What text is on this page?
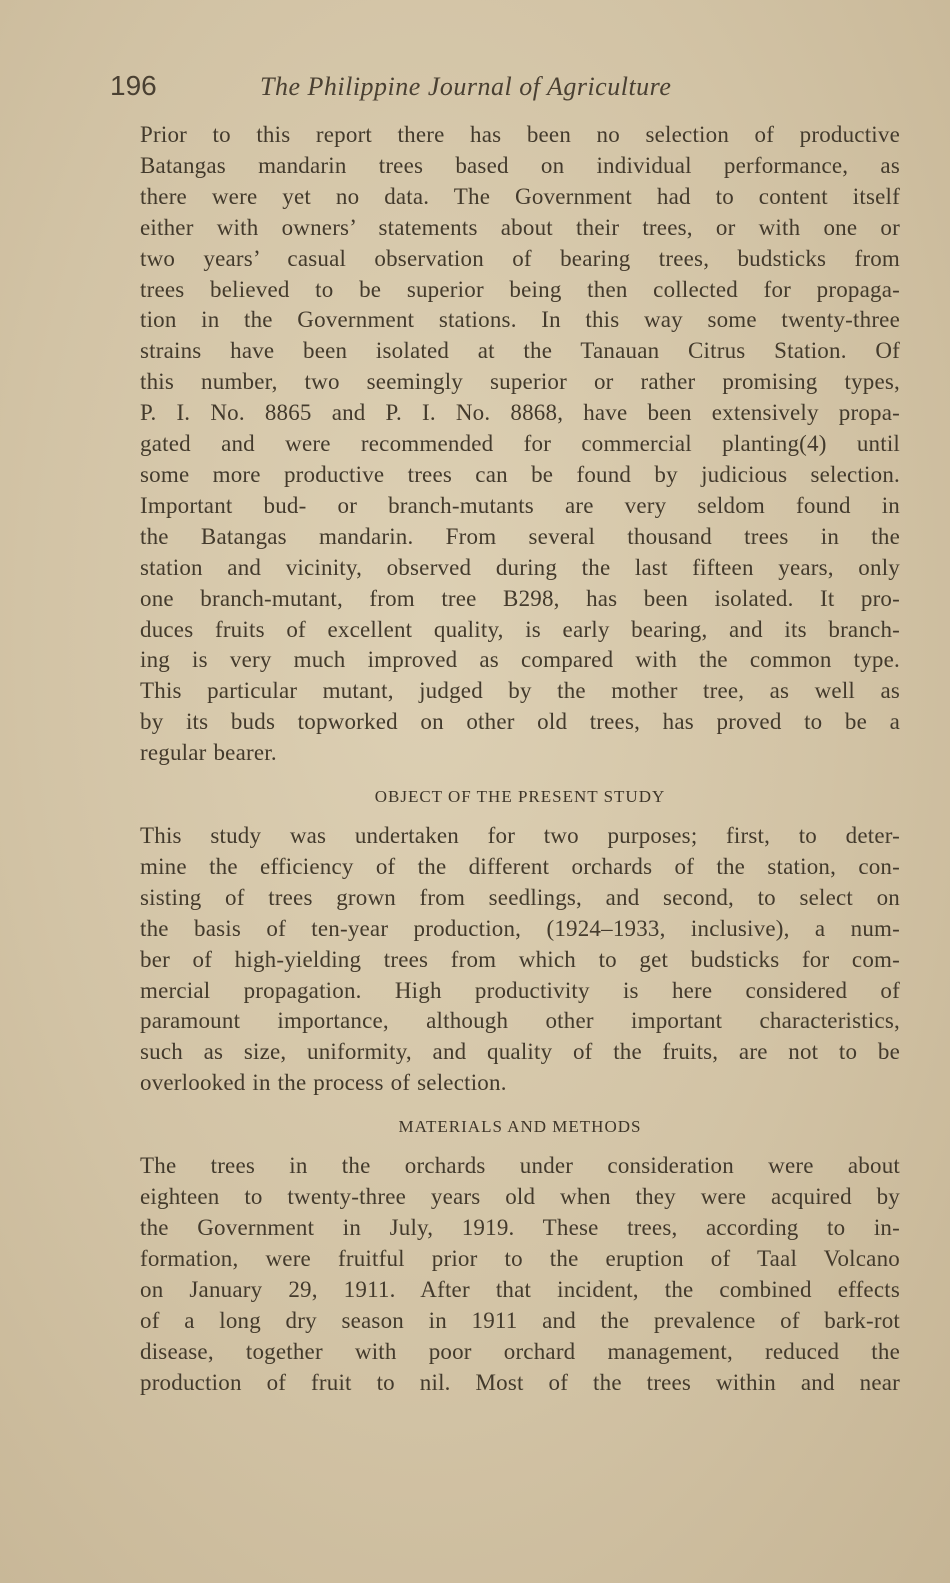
196	The Philippine Journal of Agriculture

Prior to this report there has been no selection of productive
Batangas mandarin trees based on individual performance, as
there were yet no data. The Government had to content itself
either with owners’ statements about their trees, or with one or
two years’ casual observation of bearing trees, budsticks from
trees believed to be superior being then collected for propaga-
tion in the Government stations. In this way some twenty-three
strains have been isolated at the Tanauan Citrus Station. Of
this number, two seemingly superior or rather promising types,
P. I. No. 8865 and P. I. No. 8868, have been extensively propa-
gated and were recommended for commercial planting(4) until
some more productive trees can be found by judicious selection.

Important bud- or branch-mutants are very seldom found in
the Batangas mandarin. From several thousand trees in the
station and vicinity, observed during the last fifteen years, only
one branch-mutant, from tree B298, has been isolated. It pro-
duces fruits of excellent quality, is early bearing, and its branch-
ing is very much improved as compared with the common type.
This particular mutant, judged by the mother tree, as well as
by its buds topworked on other old trees, has proved to be a
regular bearer.

OBJECT OF THE PRESENT STUDY

This study was undertaken for two purposes; first, to deter-
mine the efficiency of the different orchards of the station, con-
sisting of trees grown from seedlings, and second, to select on
the basis of ten-year production, (1924–1933, inclusive), a num-
ber of high-yielding trees from which to get budsticks for com-
mercial propagation. High productivity is here considered of
paramount importance, although other important characteristics,
such as size, uniformity, and quality of the fruits, are not to be
overlooked in the process of selection.

MATERIALS AND METHODS

The trees in the orchards under consideration were about
eighteen to twenty-three years old when they were acquired by
the Government in July, 1919. These trees, according to in-
formation, were fruitful prior to the eruption of Taal Volcano
on January 29, 1911. After that incident, the combined effects
of a long dry season in 1911 and the prevalence of bark-rot
disease, together with poor orchard management, reduced the
production of fruit to nil. Most of the trees within and near
